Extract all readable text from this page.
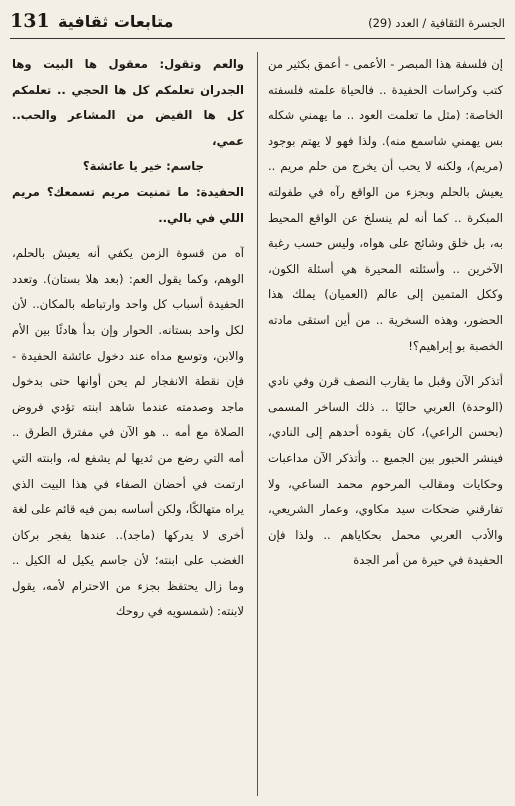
131 متابعات ثقافية	الجسرة الثقافية / العدد (29)

إن فلسفة هذا المبصر - الأعمى - أعمق بكثير من كتب وكراسات الحفيدة .. فالحياة علمته فلسفته الخاصة: (مثل ما تعلمت العود .. ما يهمني شكله بس يهمني شاسمع منه). ولذا فهو لا يهتم بوجود (مريم)، ولكنه لا يحب أن يخرج من حلم مريم .. يعيش بالحلم وبجزء من الواقع رآه في طفولته المبكرة .. كما أنه لم ينسلخ عن الواقع المحيط به، بل خلق وشائج على هواه، وليس حسب رغبة الآخرين .. وأسئلته المحيرة هي أسئلة الكون، وككل المتمين إلى عالم (العميان) يملك هذا الحضور، وهذه السخرية .. من أين استقى مادته الخصبة بو إبراهيم؟!

أتذكر الآن وقبل ما يقارب النصف قرن وفي نادي (الوحدة) العربي حاليًا .. ذلك الساخر المسمى (بحسن الراعي)، كان يقوده أحدهم إلى النادي، فينشر الحبور بين الجميع .. وأتذكر الآن مداعبات وحكايات ومقالب المرحوم محمد الساعي، ولا تفارقني ضحكات سيد مكاوي، وعمار الشريعي، والأدب العربي محمل بحكاياهم .. ولذا فإن الحفيدة في حيرة من أمر الجدة

والعم وتقول: معقول ها البيت وها الجدران تعلمكم كل ها الحجي .. تعلمكم كل ها الفيض من المشاعر والحب.. عمي،

جاسم: خير يا عائشة؟

الحفيدة: ما تمنيت مريم تسمعك؟ مريم اللي في بالي..

آه من قسوة الزمن يكفي أنه يعيش بالحلم، الوهم، وكما يقول العم: (بعد هلا بستان). وتعدد الحفيدة أسباب كل واحد وارتباطه بالمكان.. لأن لكل واحد بستانه. الحوار وإن بدأ هادئًا بين الأم والابن، وتوسع مداه عند دخول عائشة الحفيدة - فإن نقطة الانفجار لم يحن أوانها حتى بدخول ماجد وصدمته عندما شاهد ابنته تؤدي فروض الصلاة مع أمه .. هو الآن في مفترق الطرق .. أمه التي رضع من ثديها لم يشفع له، وابنته التي ارتمت في أحضان الصفاء في هذا البيت الذي يراه متهالكًا، ولكن أساسه بمن فيه قائم على لغة أخرى لا يدركها (ماجد).. عندها يفجر بركان الغضب على ابنته؛ لأن جاسم يكيل له الكيل .. وما زال يحتفظ بجزء من الاحترام لأمه، يقول لابنته: (شمسويه في روحك
